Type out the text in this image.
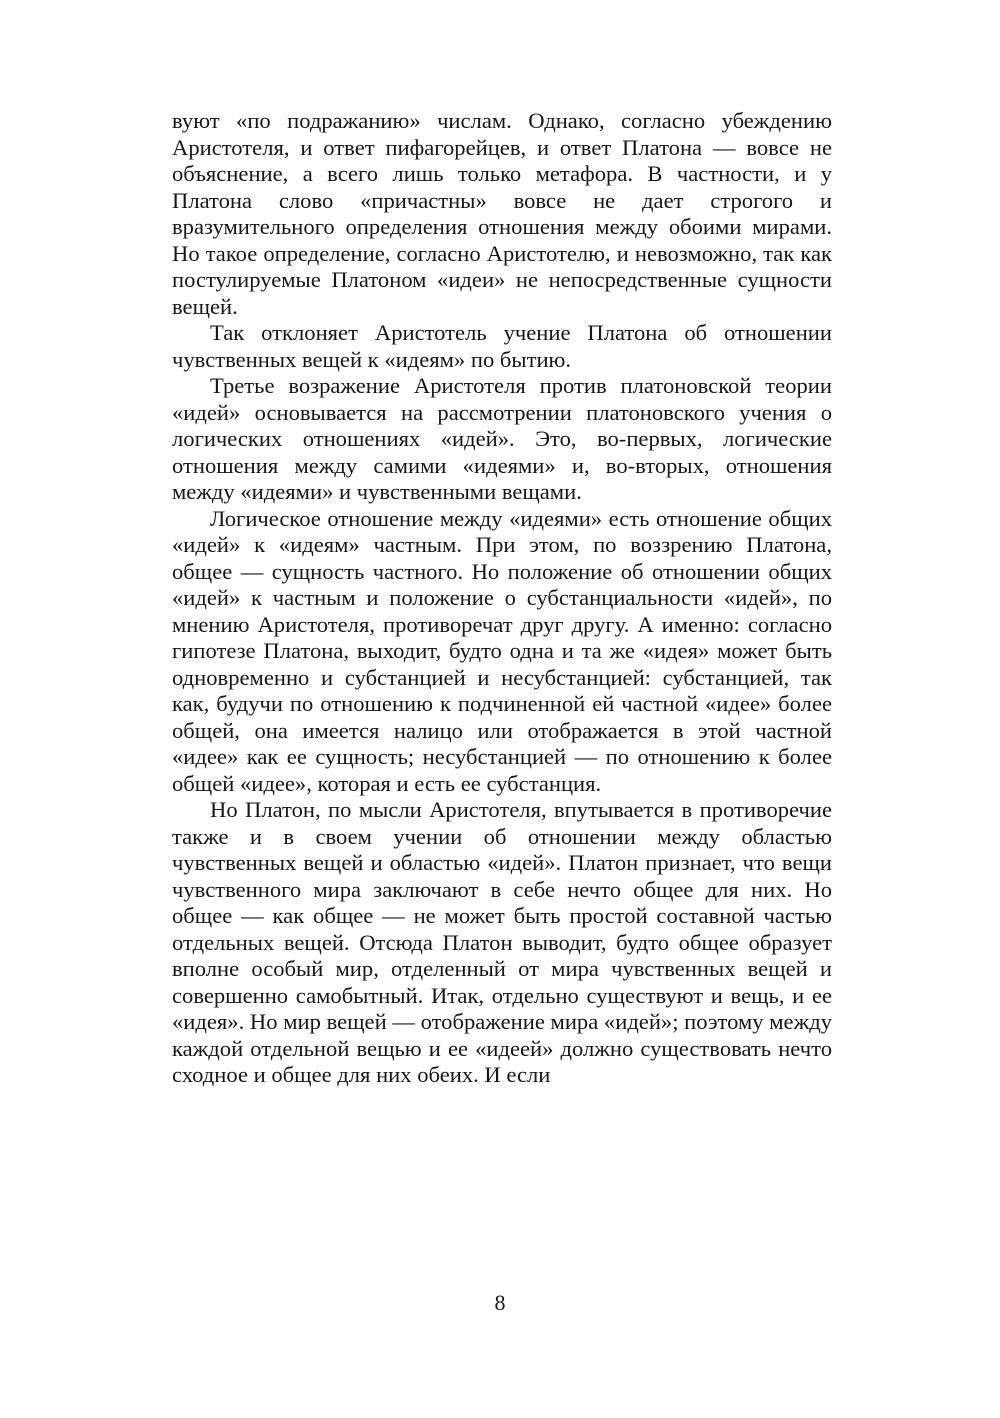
вуют «по подражанию» числам. Однако, согласно убеждению Аристотеля, и ответ пифагорейцев, и ответ Платона — вовсе не объяснение, а всего лишь только метафора. В частности, и у Платона слово «причастны» вовсе не дает строгого и вразумительного определения отношения между обоими мирами. Но такое определение, согласно Аристотелю, и невозможно, так как постулируемые Платоном «идеи» не непосредственные сущности вещей.

Так отклоняет Аристотель учение Платона об отношении чувственных вещей к «идеям» по бытию.

Третье возражение Аристотеля против платоновской теории «идей» основывается на рассмотрении платоновского учения о логических отношениях «идей». Это, во-первых, логические отношения между самими «идеями» и, во-вторых, отношения между «идеями» и чувственными вещами.

Логическое отношение между «идеями» есть отношение общих «идей» к «идеям» частным. При этом, по воззрению Платона, общее — сущность частного. Но положение об отношении общих «идей» к частным и положение о субстанциальности «идей», по мнению Аристотеля, противоречат друг другу. А именно: согласно гипотезе Платона, выходит, будто одна и та же «идея» может быть одновременно и субстанцией и несубстанцией: субстанцией, так как, будучи по отношению к подчиненной ей частной «идее» более общей, она имеется налицо или отображается в этой частной «идее» как ее сущность; несубстанцией — по отношению к более общей «идее», которая и есть ее субстанция.

Но Платон, по мысли Аристотеля, впутывается в противоречие также и в своем учении об отношении между областью чувственных вещей и областью «идей». Платон признает, что вещи чувственного мира заключают в себе нечто общее для них. Но общее — как общее — не может быть простой составной частью отдельных вещей. Отсюда Платон выводит, будто общее образует вполне особый мир, отделенный от мира чувственных вещей и совершенно самобытный. Итак, отдельно существуют и вещь, и ее «идея». Но мир вещей — отображение мира «идей»; поэтому между каждой отдельной вещью и ее «идеей» должно существовать нечто сходное и общее для них обеих. И если

8
